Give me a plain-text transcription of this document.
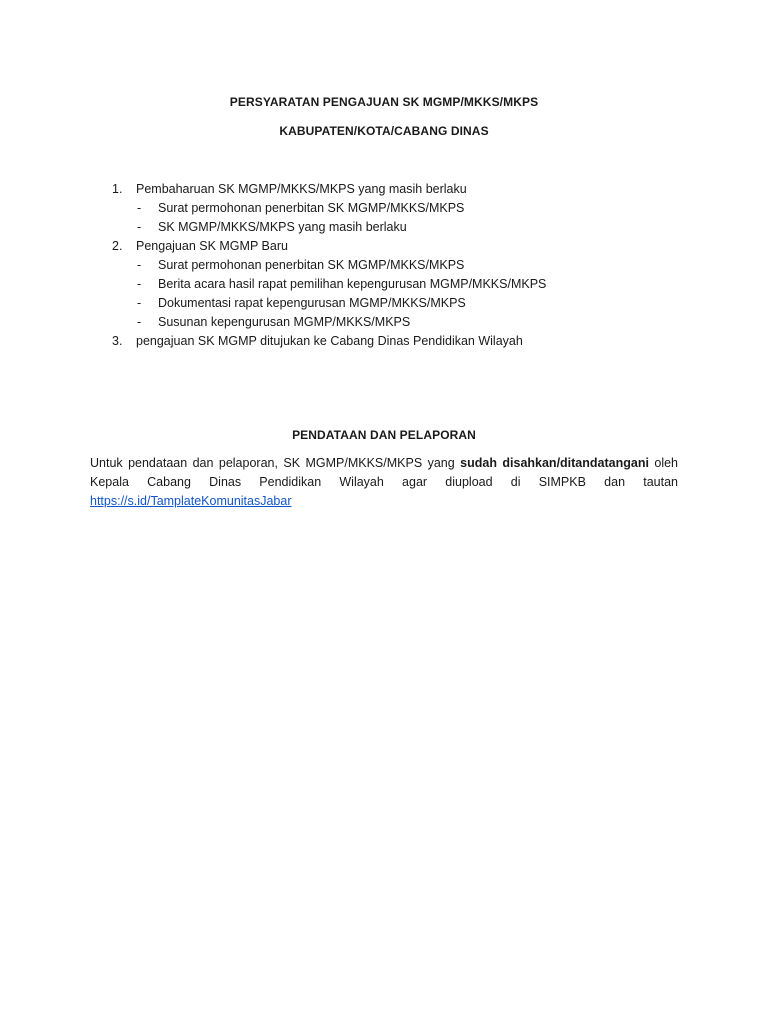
PERSYARATAN PENGAJUAN SK MGMP/MKKS/MKPS
KABUPATEN/KOTA/CABANG DINAS
1.	Pembaharuan SK MGMP/MKKS/MKPS yang masih berlaku
- Surat permohonan penerbitan SK MGMP/MKKS/MKPS
- SK MGMP/MKKS/MKPS yang masih berlaku
2.	Pengajuan SK MGMP Baru
- Surat permohonan penerbitan SK MGMP/MKKS/MKPS
- Berita acara hasil rapat pemilihan kepengurusan MGMP/MKKS/MKPS
- Dokumentasi rapat kepengurusan MGMP/MKKS/MKPS
- Susunan kepengurusan MGMP/MKKS/MKPS
3.	pengajuan SK MGMP ditujukan ke Cabang Dinas Pendidikan Wilayah
PENDATAAN DAN PELAPORAN
Untuk pendataan dan pelaporan, SK MGMP/MKKS/MKPS yang sudah disahkan/ditandatangani oleh Kepala Cabang Dinas Pendidikan Wilayah agar diupload di SIMPKB dan tautan https://s.id/TamplateKomunitasJabar
